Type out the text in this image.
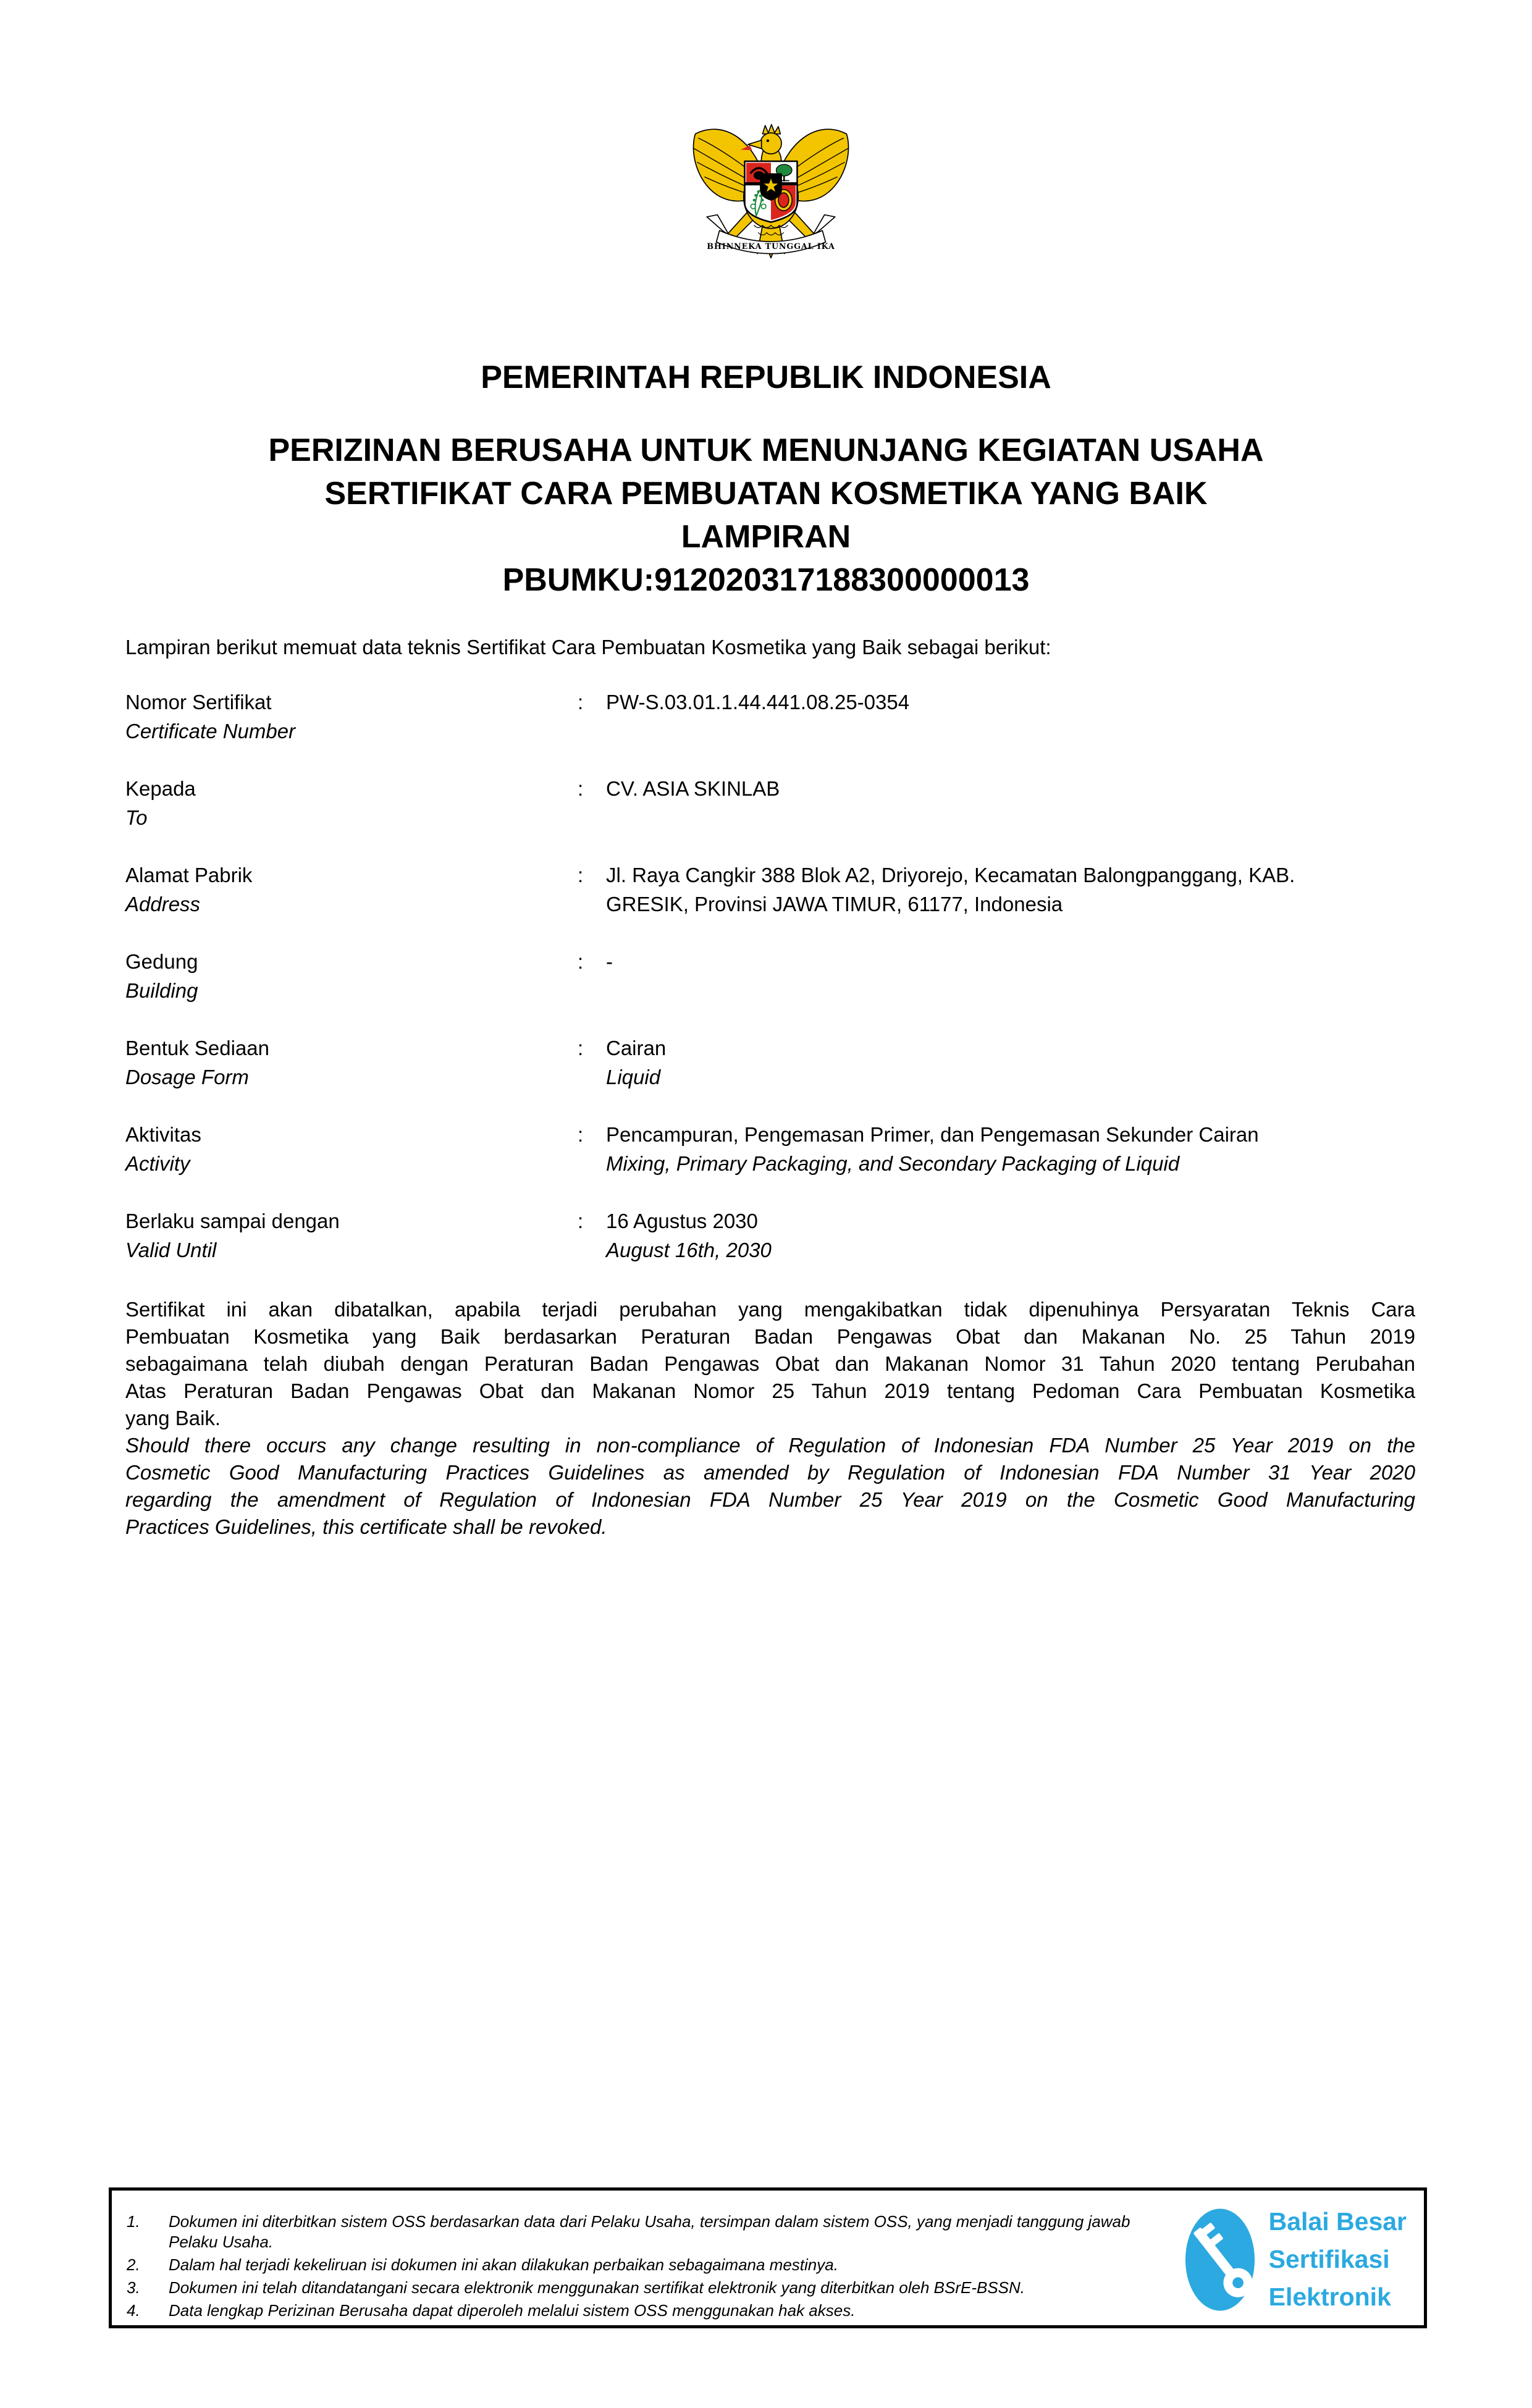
BHINNEKA TUNGGAL IKA
PEMERINTAH REPUBLIK INDONESIA
PERIZINAN BERUSAHA UNTUK MENUNJANG KEGIATAN USAHA
SERTIFIKAT CARA PEMBUATAN KOSMETIKA YANG BAIK
LAMPIRAN
PBUMKU:912020317188300000013
Lampiran berikut memuat data teknis Sertifikat Cara Pembuatan Kosmetika yang Baik sebagai berikut:
Nomor Sertifikat
Certificate Number
:	PW-S.03.01.1.44.441.08.25-0354
Kepada
To
:	CV. ASIA SKINLAB
Alamat Pabrik
Address
:	Jl. Raya Cangkir 388 Blok A2, Driyorejo, Kecamatan Balongpanggang, KAB.
GRESIK, Provinsi JAWA TIMUR, 61177, Indonesia
Gedung
Building
:	-
Bentuk Sediaan
Dosage Form
:	Cairan
Liquid
Aktivitas
Activity
:	Pencampuran, Pengemasan Primer, dan Pengemasan Sekunder Cairan
Mixing, Primary Packaging, and Secondary Packaging of Liquid
Berlaku sampai dengan
Valid Until
:	16 Agustus 2030
August 16th, 2030
Sertifikat ini akan dibatalkan, apabila terjadi perubahan yang mengakibatkan tidak dipenuhinya Persyaratan Teknis Cara
Pembuatan Kosmetika yang Baik berdasarkan Peraturan Badan Pengawas Obat dan Makanan No. 25 Tahun 2019
sebagaimana telah diubah dengan Peraturan Badan Pengawas Obat dan Makanan Nomor 31 Tahun 2020 tentang Perubahan
Atas Peraturan Badan Pengawas Obat dan Makanan Nomor 25 Tahun 2019 tentang Pedoman Cara Pembuatan Kosmetika
yang Baik.
Should there occurs any change resulting in non-compliance of Regulation of Indonesian FDA Number 25 Year 2019 on the
Cosmetic Good Manufacturing Practices Guidelines as amended by Regulation of Indonesian FDA Number 31 Year 2020
regarding the amendment of Regulation of Indonesian FDA Number 25 Year 2019 on the Cosmetic Good Manufacturing
Practices Guidelines, this certificate shall be revoked.
1.	Dokumen ini diterbitkan sistem OSS berdasarkan data dari Pelaku Usaha, tersimpan dalam sistem OSS, yang menjadi tanggung jawab
Pelaku Usaha.
2.	Dalam hal terjadi kekeliruan isi dokumen ini akan dilakukan perbaikan sebagaimana mestinya.
3.	Dokumen ini telah ditandatangani secara elektronik menggunakan sertifikat elektronik yang diterbitkan oleh BSrE-BSSN.
4.	Data lengkap Perizinan Berusaha dapat diperoleh melalui sistem OSS menggunakan hak akses.
Balai Besar
Sertifikasi
Elektronik
